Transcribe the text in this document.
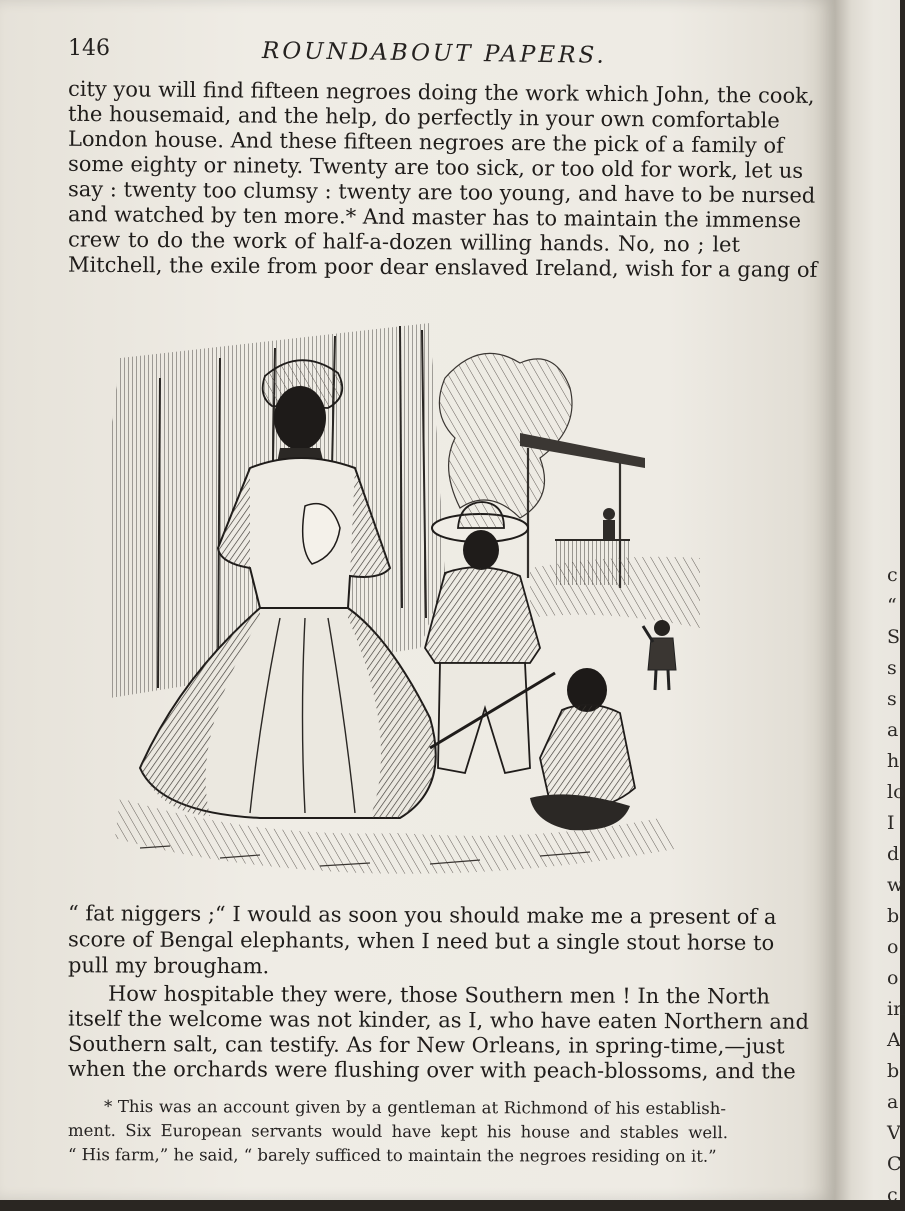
146	ROUNDABOUT PAPERS.

city you will find fifteen negroes doing the work which John, the cook,

the housemaid, and the help, do perfectly in your own comfortable

London house. And these fifteen negroes are the pick of a family of

some eighty or ninety. Twenty are too sick, or too old for work, let us

say : twenty too clumsy : twenty are too young, and have to be nursed

and watched by ten more.* And master has to maintain the immense

crew to do the work of half-a-dozen willing hands. No, no ; let

Mitchell, the exile from poor dear enslaved Ireland, wish for a gang of

“ fat niggers ;“ I would as soon you should make me a present of a

score of Bengal elephants, when I need but a single stout horse to

pull my brougham.

How hospitable they were, those Southern men ! In the North

itself the welcome was not kinder, as I, who have eaten Northern and

Southern salt, can testify. As for New Orleans, in spring-time,—just

when the orchards were flushing over with peach-blossoms, and the

* This was an account given by a gentleman at Richmond of his establish-

ment. Six European servants would have kept his house and stables well.

“ His farm,” he said, “ barely sufficed to maintain the negroes residing on it.”

c
“
S
s
s
a
h
lo
I
d
w
b
o
o
in
A
b
a
V
C
c
